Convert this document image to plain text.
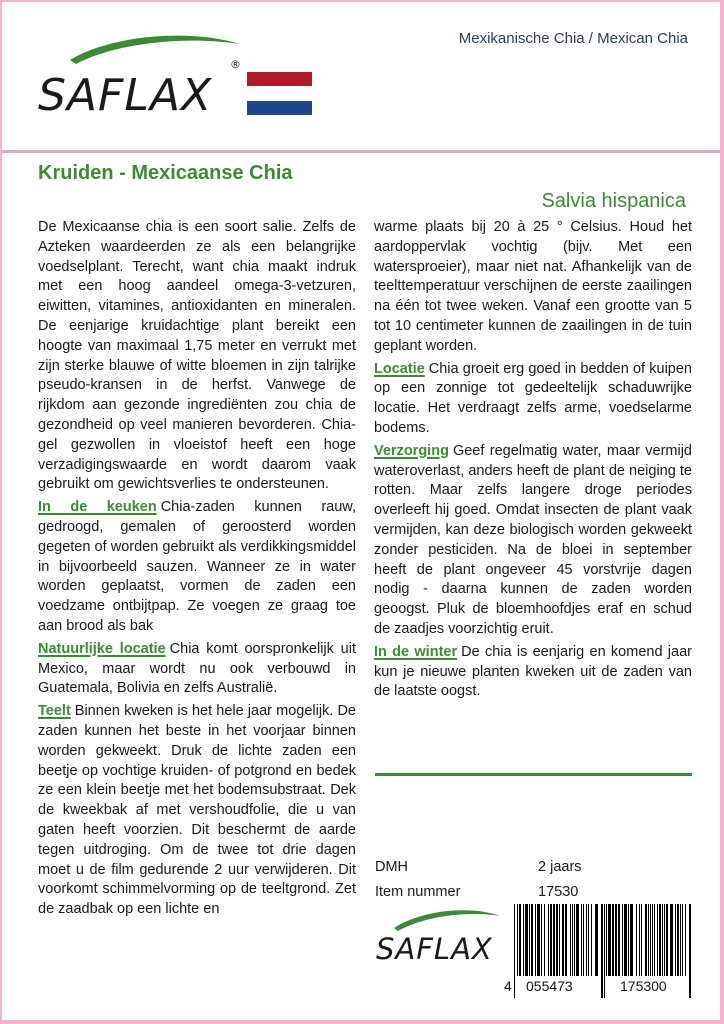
SAFLAX
®
Mexikanische Chia / Mexican Chia
Kruiden - Mexicaanse Chia
Salvia hispanica

De Mexicaanse chia is een soort salie. Zelfs de Azteken waardeerden ze als een belangrijke voedselplant. Terecht, want chia maakt indruk met een hoog aandeel omega-3-vetzuren, eiwitten, vitamines, antioxidanten en mineralen. De eenjarige kruidachtige plant bereikt een hoogte van maximaal 1,75 meter en verrukt met zijn sterke blauwe of witte bloemen in zijn talrijke pseudo-kransen in de herfst. Vanwege de rijkdom aan gezonde ingrediënten zou chia de gezondheid op veel manieren bevorderen. Chia-gel gezwollen in vloeistof heeft een hoge verzadigingswaarde en wordt daarom vaak gebruikt om gewichtsverlies te ondersteunen.

In de keuken Chia-zaden kunnen rauw, gedroogd, gemalen of geroosterd worden gegeten of worden gebruikt als verdikkingsmiddel in bijvoorbeeld sauzen. Wanneer ze in water worden geplaatst, vormen de zaden een voedzame ontbijtpap. Ze voegen ze graag toe aan brood als bak

Natuurlijke locatie Chia komt oorspronkelijk uit Mexico, maar wordt nu ook verbouwd in Guatemala, Bolivia en zelfs Australië.

Teelt Binnen kweken is het hele jaar mogelijk. De zaden kunnen het beste in het voorjaar binnen worden gekweekt. Druk de lichte zaden een beetje op vochtige kruiden- of potgrond en bedek ze een klein beetje met het bodemsubstraat. Dek de kweekbak af met vershoudfolie, die u van gaten heeft voorzien. Dit beschermt de aarde tegen uitdroging. Om de twee tot drie dagen moet u de film gedurende 2 uur verwijderen. Dit voorkomt schimmelvorming op de teeltgrond. Zet de zaadbak op een lichte en

warme plaats bij 20 à 25 ° Celsius. Houd het aardoppervlak vochtig (bijv. Met een watersproeier), maar niet nat. Afhankelijk van de teelttemperatuur verschijnen de eerste zaailingen na één tot twee weken. Vanaf een grootte van 5 tot 10 centimeter kunnen de zaailingen in de tuin geplant worden.

Locatie Chia groeit erg goed in bedden of kuipen op een zonnige tot gedeeltelijk schaduwrijke locatie. Het verdraagt zelfs arme, voedselarme bodems.

Verzorging Geef regelmatig water, maar vermijd wateroverlast, anders heeft de plant de neiging te rotten. Maar zelfs langere droge periodes overleeft hij goed. Omdat insecten de plant vaak vermijden, kan deze biologisch worden gekweekt zonder pesticiden. Na de bloei in september heeft de plant ongeveer 45 vorstvrije dagen nodig - daarna kunnen de zaden worden geoogst. Pluk de bloemhoofdjes eraf en schud de zaadjes voorzichtig eruit.

In de winter De chia is eenjarig en komend jaar kun je nieuwe planten kweken uit de zaden van de laatste oogst.

DMH	2 jaars
Item nummer	17530
SAFLAX
4 055473	175300
